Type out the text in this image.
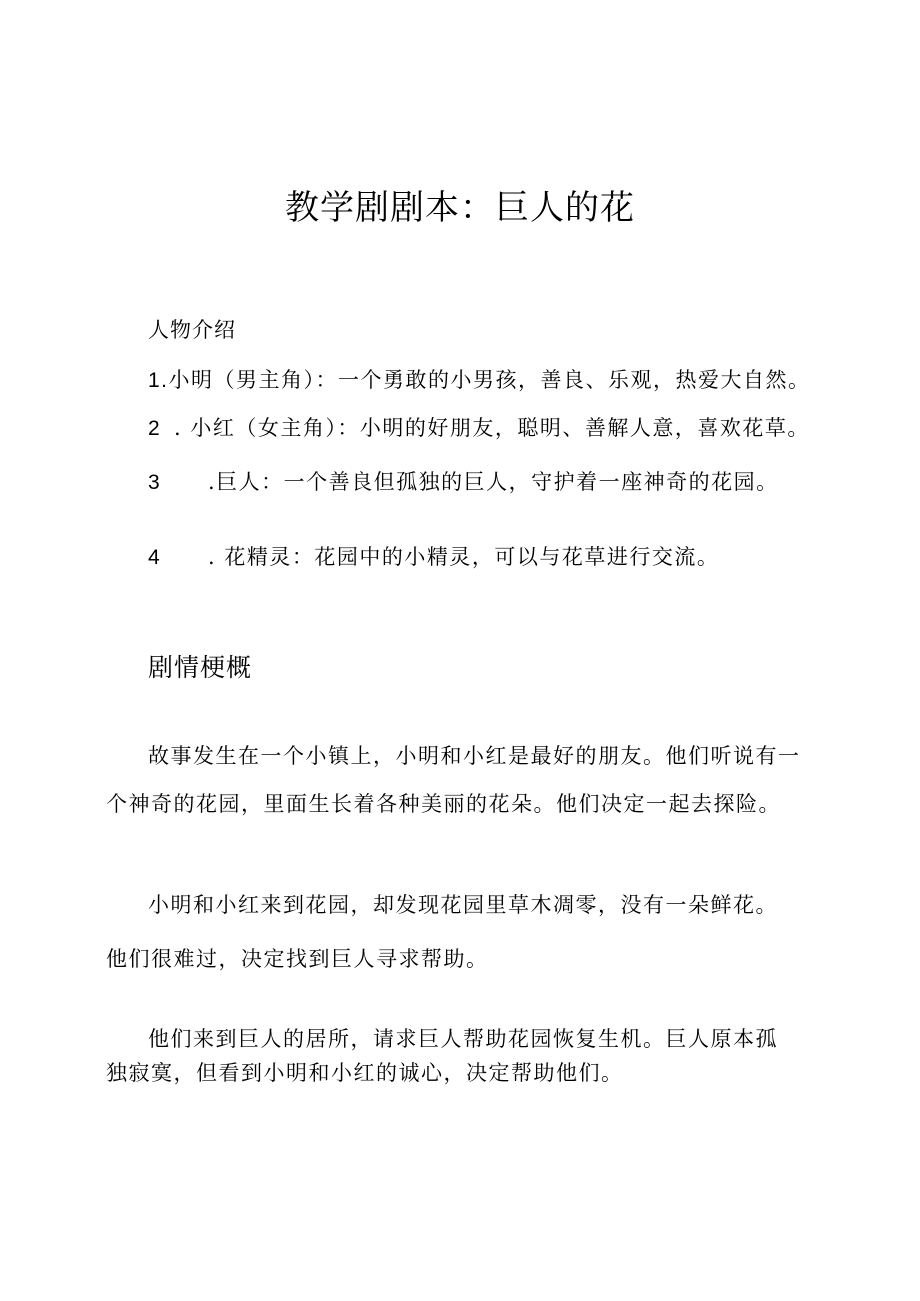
教学剧剧本：巨人的花
人物介绍
1.小明（男主角）：一个勇敢的小男孩，善良、乐观，热爱大自然。
2 . 小红（女主角）：小明的好朋友，聪明、善解人意，喜欢花草。
3 .巨人：一个善良但孤独的巨人，守护着一座神奇的花园。
4 . 花精灵：花园中的小精灵，可以与花草进行交流。
剧情梗概
故事发生在一个小镇上，小明和小红是最好的朋友。他们听说有一
个神奇的花园，里面生长着各种美丽的花朵。他们决定一起去探险。
小明和小红来到花园，却发现花园里草木凋零，没有一朵鲜花。
他们很难过，决定找到巨人寻求帮助。
他们来到巨人的居所，请求巨人帮助花园恢复生机。巨人原本孤
独寂寞，但看到小明和小红的诚心，决定帮助他们。
